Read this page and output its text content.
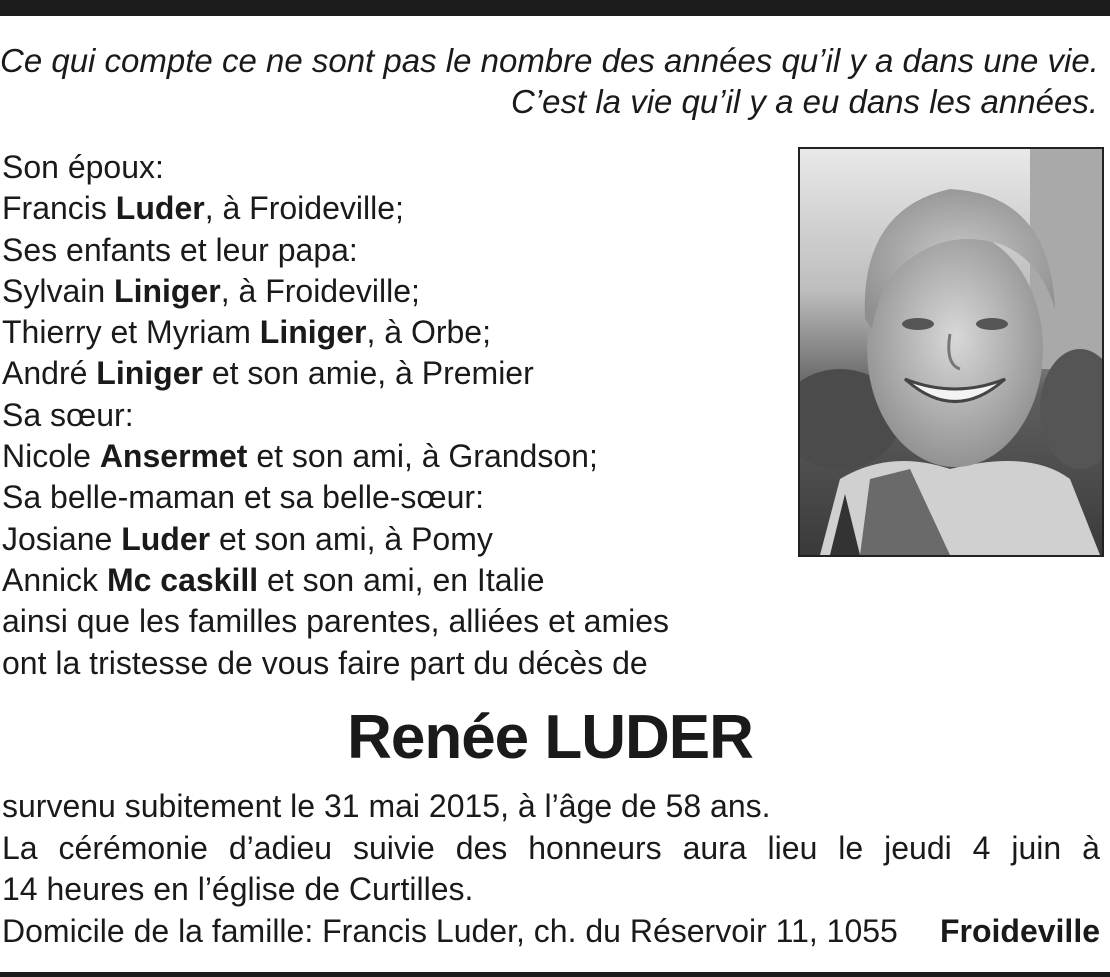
Ce qui compte ce ne sont pas le nombre des années qu’il y a dans une vie.
C’est la vie qu’il y a eu dans les années.
Son époux:
Francis Luder, à Froideville;
Ses enfants et leur papa:
Sylvain Liniger, à Froideville;
Thierry et Myriam Liniger, à Orbe;
André Liniger et son amie, à Premier
Sa sœur:
Nicole Ansermet et son ami, à Grandson;
Sa belle-maman et sa belle-sœur:
Josiane Luder et son ami, à Pomy
Annick Mc caskill et son ami, en Italie
ainsi que les familles parentes, alliées et amies
ont la tristesse de vous faire part du décès de
Renée LUDER
survenu subitement le 31 mai 2015, à l’âge de 58 ans.
La cérémonie d’adieu suivie des honneurs aura lieu le jeudi 4 juin à
14 heures en l’église de Curtilles.
Domicile de la famille: Francis Luder, ch. du Réservoir 11, 1055 Froideville
